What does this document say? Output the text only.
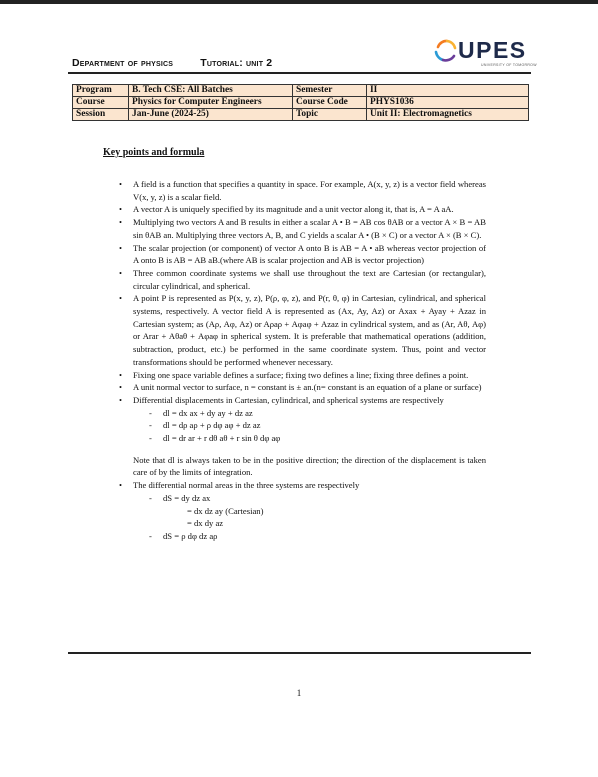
Department of physics	Tutorial: unit 2	UPES
UNIVERSITY OF TOMORROW
Program	B. Tech CSE: All Batches	Semester	II
Course	Physics for Computer Engineers	Course Code	PHYS1036
Session	Jan-June (2024-25)	Topic	Unit II: Electromagnetics
Key points and formula
• A field is a function that specifies a quantity in space. For example, A(x, y, z) is a vector field whereas V(x, y, z) is a scalar field.
• A vector A is uniquely specified by its magnitude and a unit vector along it, that is, A = A aA.
• Multiplying two vectors A and B results in either a scalar A • B = AB cos θAB or a vector A × B = AB sin θAB an. Multiplying three vectors A, B, and C yields a scalar A • (B × C) or a vector A × (B × C).
• The scalar projection (or component) of vector A onto B is AB = A • aB whereas vector projection of A onto B is AB = AB aB.(where AB is scalar projection and AB is vector projection)
• Three common coordinate systems we shall use throughout the text are Cartesian (or rectangular), circular cylindrical, and spherical.
• A point P is represented as P(x, y, z), P(ρ, φ, z), and P(r, θ, φ) in Cartesian, cylindrical, and spherical systems, respectively. A vector field A is represented as (Ax, Ay, Az) or Axax + Ayay + Azaz in Cartesian system; as (Aρ, Aφ, Az) or Aρaρ + Aφaφ + Azaz in cylindrical system, and as (Ar, Aθ, Aφ) or Arar + Aθaθ + Aφaφ in spherical system. It is preferable that mathematical operations (addition, subtraction, product, etc.) be performed in the same coordinate system. Thus, point and vector transformations should be performed whenever necessary.
• Fixing one space variable defines a surface; fixing two defines a line; fixing three defines a point.
• A unit normal vector to surface, n = constant is ± an.(n= constant is an equation of a plane or surface)
• Differential displacements in Cartesian, cylindrical, and spherical systems are respectively
- dl = dx ax + dy ay + dz az
- dl = dρ aρ + ρ dφ aφ + dz az
- dl = dr ar + r dθ aθ + r sin θ dφ aφ
Note that dl is always taken to be in the positive direction; the direction of the displacement is taken care of by the limits of integration.
• The differential normal areas in the three systems are respectively
- dS = dy dz ax
= dx dz ay (Cartesian)
= dx dy az
- dS = ρ dφ dz aρ
1
